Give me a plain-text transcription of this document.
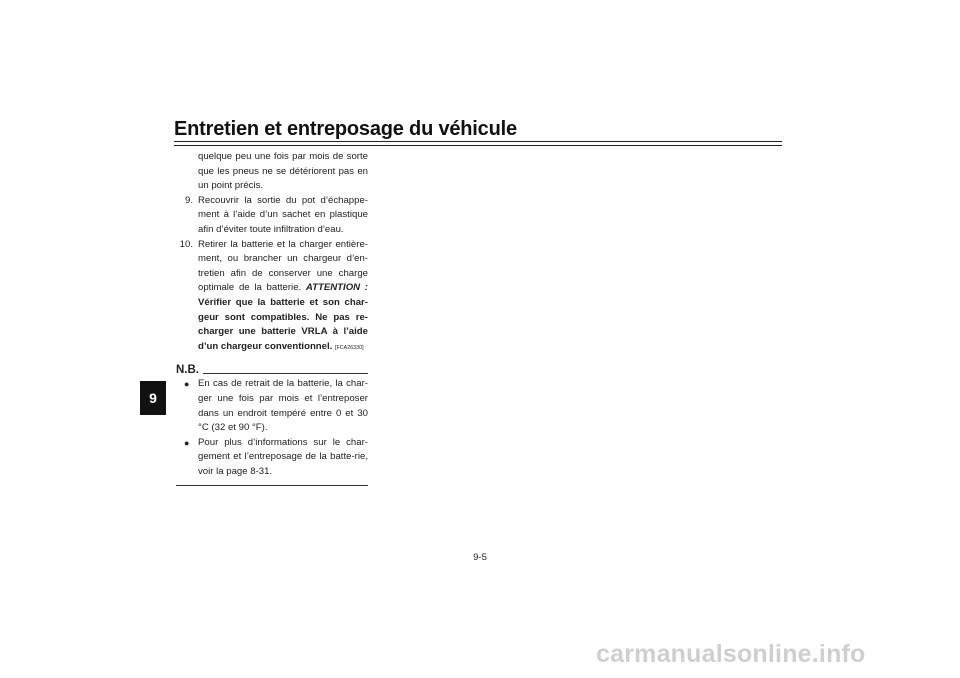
Entretien et entreposage du véhicule
9
quelque peu une fois par mois de sorte que les pneus ne se détériorent pas en un point précis.
9. Recouvrir la sortie du pot d’échappe-ment à l’aide d’un sachet en plastique afin d’éviter toute infiltration d’eau.
10. Retirer la batterie et la charger entière-ment, ou brancher un chargeur d’en-tretien afin de conserver une charge optimale de la batterie. ATTENTION : Vérifier que la batterie et son char-geur sont compatibles. Ne pas re-charger une batterie VRLA à l’aide d’un chargeur conventionnel. [FCA26330]
N.B.
● En cas de retrait de la batterie, la char-ger une fois par mois et l’entreposer dans un endroit tempéré entre 0 et 30 °C (32 et 90 °F).
● Pour plus d’informations sur le char-gement et l’entreposage de la batte-rie, voir la page 8-31.
9-5
carmanualsonline.info
